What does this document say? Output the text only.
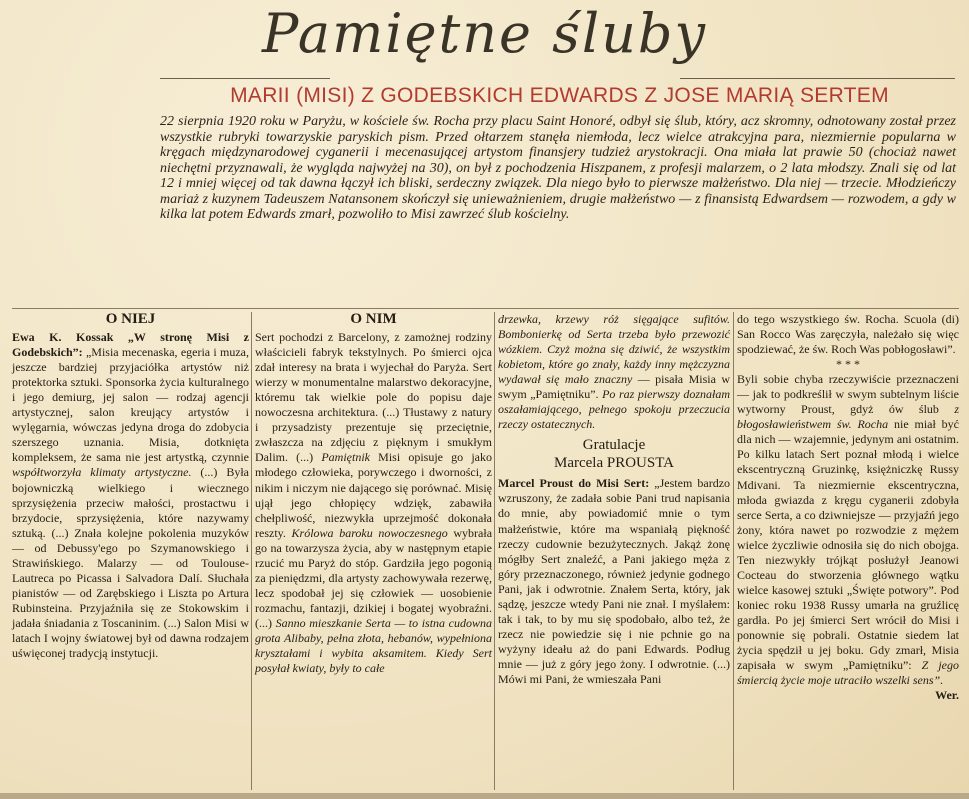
Pamiętne śluby
MARII (MISI) Z GODEBSKICH EDWARDS Z JOSE MARIĄ SERTEM

22 sierpnia 1920 roku w Paryżu, w kościele św. Rocha przy placu Saint Honoré, odbył się ślub, który, acz skromny, odnotowany został przez wszystkie rubryki towarzyskie paryskich pism. Przed ołtarzem stanęła niemłoda, lecz wielce atrakcyjna para, niezmiernie popularna w kręgach międzynarodowej cyganerii i mecenasującej artystom finansjery tudzież arystokracji. Ona miała lat prawie 50 (chociaż nawet niechętni przyznawali, że wygląda najwyżej na 30), on był z pochodzenia Hiszpanem, z profesji malarzem, o 2 lata młodszy. Znali się od lat 12 i mniej więcej od tak dawna łączył ich bliski, serdeczny związek. Dla niego było to pierwsze małżeństwo. Dla niej — trzecie. Młodzieńczy mariaż z kuzynem Tadeuszem Natansonem skończył się unieważnieniem, drugie małżeństwo — z finansistą Edwardsem — rozwodem, a gdy w kilka lat potem Edwards zmarł, pozwoliło to Misi zawrzeć ślub kościelny.

O NIEJ

Ewa K. Kossak „W stronę Misi z Godebskich”: „Misia mecenaska, egeria i muza, jeszcze bardziej przyjaciółka artystów niż protektorka sztuki. Sponsorka życia kulturalnego i jego demiurg, jej salon — rodzaj agencji artystycznej, salon kreujący artystów i wylęgarnia, wówczas jedyna droga do zdobycia szerszego uznania. Misia, dotknięta kompleksem, że sama nie jest artystką, czynnie współtworzyła klimaty artystyczne. (...) Była bojowniczką wielkiego i wiecznego sprzysiężenia przeciw małości, prostactwu i brzydocie, sprzysiężenia, które nazywamy sztuką. (...) Znała kolejne pokolenia muzyków — od Debussy'ego po Szymanowskiego i Strawińskiego. Malarzy — od Toulouse-Lautreca po Picassa i Salvadora Dalí. Słuchała pianistów — od Zarębskiego i Liszta po Artura Rubinsteina. Przyjaźniła się ze Stokowskim i jadała śniadania z Toscaninim. (...) Salon Misi w latach I wojny światowej był od dawna rodzajem uświęconej tradycją instytucji.

O NIM

Sert pochodzi z Barcelony, z zamożnej rodziny właścicieli fabryk tekstylnych. Po śmierci ojca zdał interesy na brata i wyjechał do Paryża. Sert wierzy w monumentalne malarstwo dekoracyjne, któremu tak wielkie pole do popisu daje nowoczesna architektura. (...) Tłustawy z natury i przysadzisty prezentuje się przeciętnie, zwłaszcza na zdjęciu z pięknym i smukłym Dalim. (...) Pamiętnik Misi opisuje go jako młodego człowieka, porywczego i dworności, z nikim i niczym nie dającego się porównać. Misię ujął jego chłopięcy wdzięk, zabawiła chełpliwość, niezwykła uprzejmość dokonała reszty. Królowa baroku nowoczesnego wybrała go na towarzysza życia, aby w następnym etapie rzucić mu Paryż do stóp. Gardziła jego pogonią za pieniędzmi, dla artysty zachowywała rezerwę, lecz spodobał jej się człowiek — uosobienie rozmachu, fantazji, dzikiej i bogatej wyobraźni. (...) Sanno mieszkanie Serta — to istna cudowna grota Alibaby, pełna złota, hebanów, wypełniona kryształami i wybita aksamitem. Kiedy Sert posyłał kwiaty, były to całe

drzewka, krzewy róż sięgające sufitów. Bombonierkę od Serta trzeba było przewozić wózkiem. Czyż można się dziwić, że wszystkim kobietom, które go znały, każdy inny mężczyzna wydawał się mało znaczny — pisała Misia w swym „Pamiętniku”. Po raz pierwszy doznałam oszałamiającego, pełnego spokoju przeczucia rzeczy ostatecznych.

Gratulacje
Marcela PROUSTA

Marcel Proust do Misi Sert: „Jestem bardzo wzruszony, że zadała sobie Pani trud napisania do mnie, aby powiadomić mnie o tym małżeństwie, które ma wspaniałą piękność rzeczy cudownie bezużytecznych. Jakąż żonę mógłby Sert znaleźć, a Pani jakiego męża z góry przeznaczonego, również jedynie godnego Pani, jak i odwrotnie. Znałem Serta, który, jak sądzę, jeszcze wtedy Pani nie znał. I myślałem: tak i tak, to by mu się spodobało, albo też, że rzecz nie powiedzie się i nie pchnie go na wyżyny ideału aż do pani Edwards. Podług mnie — już z góry jego żony. I odwrotnie. (...) Mówi mi Pani, że wmieszała Pani

do tego wszystkiego św. Rocha. Scuola (di) San Rocco Was zaręczyła, należało się więc spodziewać, że św. Roch Was pobłogosławi”.

* * *

Byli sobie chyba rzeczywiście przeznaczeni — jak to podkreślił w swym subtelnym liście wytworny Proust, gdyż ów ślub z błogosławieństwem św. Rocha nie miał być dla nich — wzajemnie, jedynym ani ostatnim. Po kilku latach Sert poznał młodą i wielce ekscentryczną Gruzinkę, księżniczkę Russy Mdivani. Ta niezmiernie ekscentryczna, młoda gwiazda z kręgu cyganerii zdobyła serce Serta, a co dziwniejsze — przyjaźń jego żony, która nawet po rozwodzie z mężem wielce życzliwie odnosiła się do nich obojga. Ten niezwykły trójkąt posłużył Jeanowi Cocteau do stworzenia głównego wątku wielce kasowej sztuki „Święte potwory”. Pod koniec roku 1938 Russy umarła na gruźlicę gardła. Po jej śmierci Sert wrócił do Misi i ponownie się pobrali. Ostatnie siedem lat życia spędził u jej boku. Gdy zmarł, Misia zapisała w swym „Pamiętniku”: Z jego śmiercią życie moje utraciło wszelki sens”.
Wer.
